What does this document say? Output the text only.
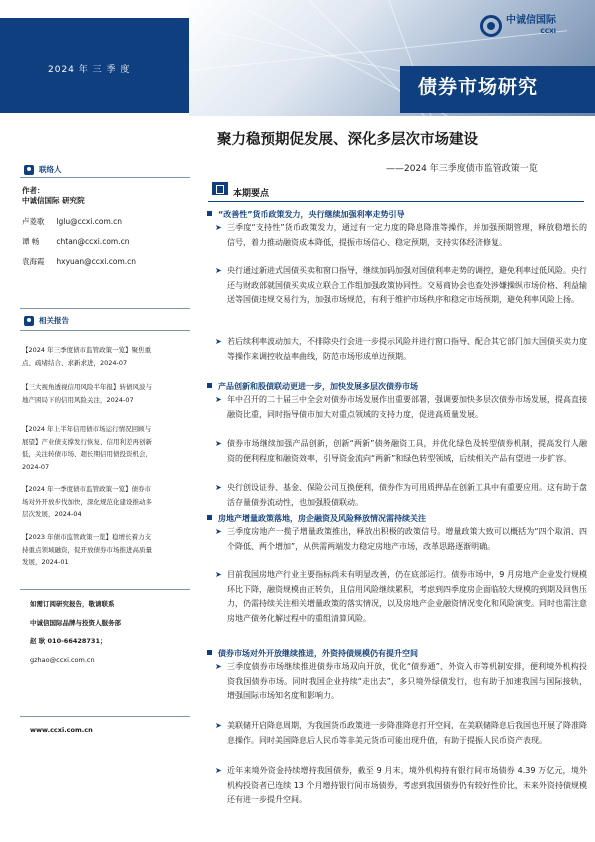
2024 年 三 季 度
债券市场研究
中诚信国际
CCXI
聚力稳预期促发展、深化多层次市场建设
——2024 年三季度债市监管政策一览
联络人
作者：
中诚信国际 研究院
卢菱歌 lglu@ccxi.com.cn
谭 畅 chtan@ccxi.com.cn
袁海霞 hxyuan@ccxi.com.cn
相关报告
【2024 年三季度债市监管政策一览】聚焦重点、疏堵结合、求新求进，2024-07
【三大视角透视信用风险半年报】转债风波与地产困局下的信用风险关注，2024-07
【2024 年上半年信用债市场运行情况回顾与展望】产业债支撑发行恢复、信用利差再创新低，关注转债市场、超长期信用债投资机会，2024-07
【2024 年一季度债市监管政策一览】债券市场对外开放步伐加快，深化规范化建设推动多层次发展，2024-04
【2023 年债市监管政策一览】稳增长着力支持重点领域融资，促开放债券市场推进高质量发展，2024-01
如需订阅研究报告，敬请联系
中诚信国际品牌与投资人服务部
赵 耿 010-66428731；
gzhao@ccxi.com.cn
www.ccxi.com.cn
本期要点
“改善性”货币政策发力，央行继续加强利率走势引导
➤ 三季度“支持性”货币政策发力，通过有一定力度的降息降准等操作，并加强预期管理，释放稳增长的信号，着力推动融资成本降低，提振市场信心、稳定预期，支持实体经济修复。
➤ 央行通过新进式国债买卖和窗口指导，继续加码加强对国债利率走势的调控，避免利率过低风险。央行还与财政部就国债买卖成立联合工作组加强政策协同性。交易商协会也查处涉嫌操纵市场价格、利益输送等国债违规交易行为，加强市场规范，有利于维护市场秩序和稳定市场预期，避免利率风险上扬。
➤ 若后续利率波动加大，不排除央行会进一步提示风险并进行窗口指导、配合其它部门加大国债买卖力度等操作来调控收益率曲线，防范市场形成单边预期。
产品创新和股债联动更进一步，加快发展多层次债券市场
➤ 年中召开的二十届三中全会对债券市场发展作出重要部署，强调要加快多层次债券市场发展，提高直接融资比重，同时指导债市加大对重点领域的支持力度，促进高质量发展。
➤ 债券市场继续加强产品创新，创新“两新”债务融资工具，并优化绿色及转型债券机制，提高发行人融资的便利程度和融资效率，引导资金流向“两新”和绿色转型领域，后续相关产品有望进一步扩容。
➤ 央行创设证券、基金、保险公司互换便利，债券作为可用质押品在创新工具中有重要应用。这有助于盘活存量债券流动性，也加强股债联动。
房地产增量政策落地，房企融资及风险释放情况需持续关注
➤ 三季度房地产一揽子增量政策推出，释放出积极的政策信号。增量政策大致可以概括为“四个取消、四个降低、两个增加”，从供需两端发力稳定房地产市场，改革思路逐渐明确。
➤ 目前我国房地产行业主要指标尚未有明显改善，仍在底部运行。债券市场中，9 月房地产企业发行规模环比下降，融资规模由正转负，且信用风险继续累积，考虑到四季度房企面临较大规模的到期及回售压力，仍需持续关注相关增量政策的落实情况，以及房地产企业融资情况变化和风险演变。同时也需注意房地产债务化解过程中的重组清算风险。
债券市场对外开放继续推进，外资持债规模仍有提升空间
➤ 三季度债券市场继续推进债券市场双向开放，优化“债券通”、外资入市等机制安排，便利境外机构投资我国债券市场。同时我国企业持续“走出去”，多只境外绿债发行，也有助于加速我国与国际接轨，增强国际市场知名度和影响力。
➤ 美联储开启降息周期，为我国货币政策进一步降准降息打开空间，在美联储降息后我国也开展了降准降息操作。同时美国降息后人民币等非美元货币可能出现升值，有助于提振人民币资产表现。
➤ 近年来境外资金持续增持我国债券，截至 9 月末，境外机构持有银行间市场债券 4.39 万亿元，境外机构投资者已连续 13 个月增持银行间市场债券，考虑到我国债券仍有较好性价比，未来外资持债规模还有进一步提升空间。
